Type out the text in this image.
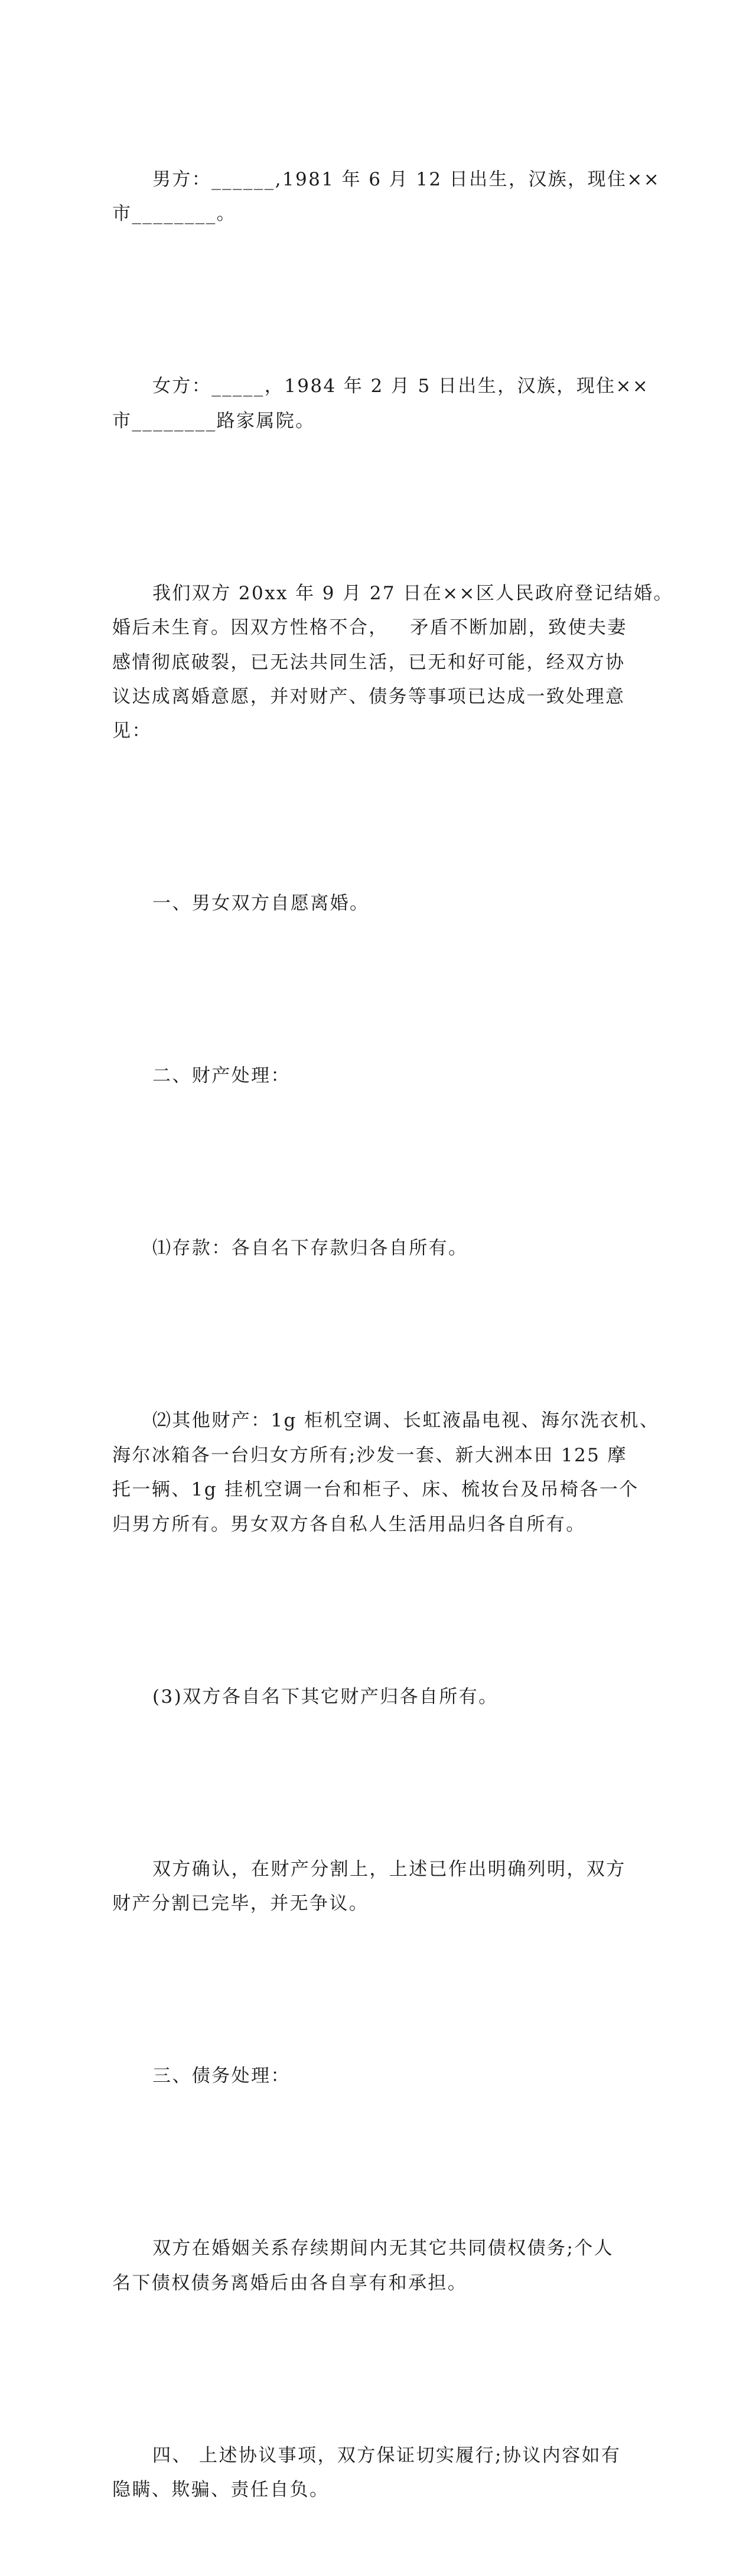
男方：______,1981 年 6 月 12 日出生，汉族，现住××
市________。

女方：_____，1984 年 2 月 5 日出生，汉族，现住××
市________路家属院。

我们双方 20xx 年 9 月 27 日在××区人民政府登记结婚。
婚后未生育。因双方性格不合，   矛盾不断加剧，致使夫妻
感情彻底破裂，已无法共同生活，已无和好可能，经双方协
议达成离婚意愿，并对财产、债务等事项已达成一致处理意
见：

一、男女双方自愿离婚。

二、财产处理：

⑴存款：各自名下存款归各自所有。

⑵其他财产：1g 柜机空调、长虹液晶电视、海尔洗衣机、
海尔冰箱各一台归女方所有;沙发一套、新大洲本田 125 摩
托一辆、1g 挂机空调一台和柜子、床、梳妆台及吊椅各一个
归男方所有。男女双方各自私人生活用品归各自所有。

(3)双方各自名下其它财产归各自所有。

双方确认，在财产分割上，上述已作出明确列明，双方
财产分割已完毕，并无争议。

三、债务处理：

双方在婚姻关系存续期间内无其它共同债权债务;个人
名下债权债务离婚后由各自享有和承担。

四、 上述协议事项，双方保证切实履行;协议内容如有
隐瞒、欺骗、责任自负。
